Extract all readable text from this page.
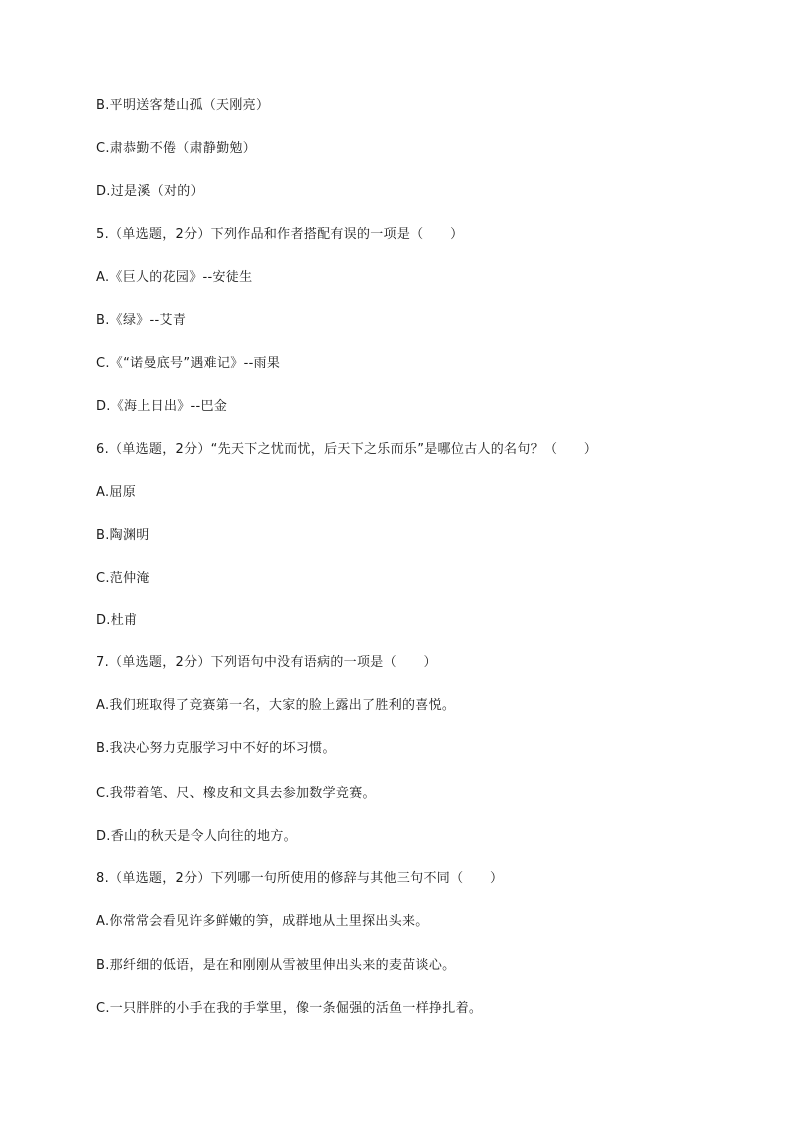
B.平明送客楚山孤（天刚亮）
C.肃恭勤不倦（肃静勤勉）
D.过是溪（对的）
5.（单选题，2分）下列作品和作者搭配有误的一项是（　　）
A.《巨人的花园》--安徒生
B.《绿》--艾青
C.《“诺曼底号”遇难记》--雨果
D.《海上日出》--巴金
6.（单选题，2分）“先天下之忧而忧，后天下之乐而乐”是哪位古人的名句？（　　）
A.屈原
B.陶渊明
C.范仲淹
D.杜甫
7.（单选题，2分）下列语句中没有语病的一项是（　　）
A.我们班取得了竞赛第一名，大家的脸上露出了胜利的喜悦。
B.我决心努力克服学习中不好的坏习惯。
C.我带着笔、尺、橡皮和文具去参加数学竞赛。
D.香山的秋天是令人向往的地方。
8.（单选题，2分）下列哪一句所使用的修辞与其他三句不同（　　）
A.你常常会看见许多鲜嫩的笋，成群地从土里探出头来。
B.那纤细的低语，是在和刚刚从雪被里伸出头来的麦苗谈心。
C.一只胖胖的小手在我的手掌里，像一条倔强的活鱼一样挣扎着。
